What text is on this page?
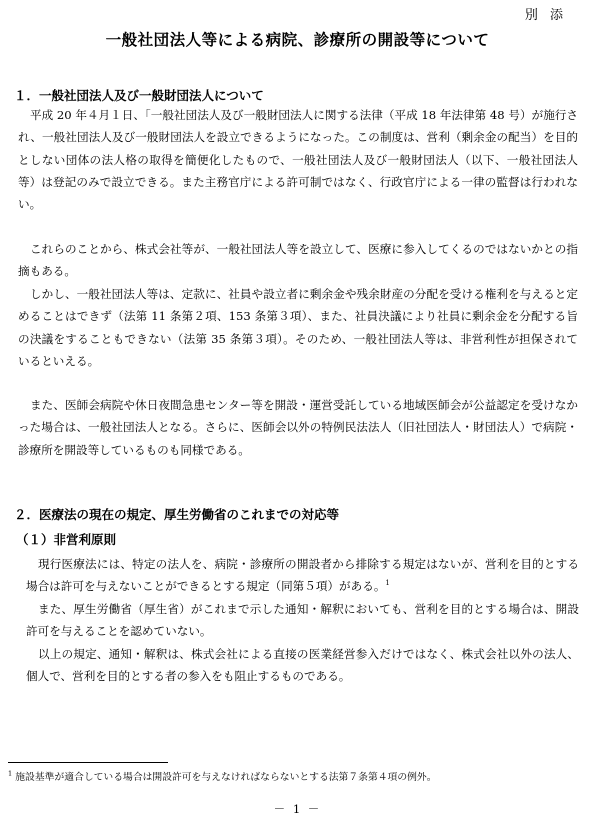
別 添
一般社団法人等による病院、診療所の開設等について
１．一般社団法人及び一般財団法人について

平成 20 年４月１日、「一般社団法人及び一般財団法人に関する法律（平成 18 年法律第 48 号）が施行され、一般社団法人及び一般財団法人を設立できるようになった。この制度は、営利（剰余金の配当）を目的としない団体の法人格の取得を簡便化したもので、一般社団法人及び一般財団法人（以下、一般社団法人等）は登記のみで設立できる。また主務官庁による許可制ではなく、行政官庁による一律の監督は行われない。

これらのことから、株式会社等が、一般社団法人等を設立して、医療に参入してくるのではないかとの指摘もある。

しかし、一般社団法人等は、定款に、社員や設立者に剰余金や残余財産の分配を受ける権利を与えると定めることはできず（法第 11 条第２項、153 条第３項）、また、社員決議により社員に剰余金を分配する旨の決議をすることもできない（法第 35 条第３項）。そのため、一般社団法人等は、非営利性が担保されているといえる。

また、医師会病院や休日夜間急患センター等を開設・運営受託している地域医師会が公益認定を受けなかった場合は、一般社団法人となる。さらに、医師会以外の特例民法法人（旧社団法人・財団法人）で病院・診療所を開設等しているものも同様である。

２．医療法の現在の規定、厚生労働省のこれまでの対応等
（１）非営利原則

現行医療法には、特定の法人を、病院・診療所の開設者から排除する規定はないが、営利を目的とする場合は許可を与えないことができるとする規定（同第５項）がある。$^1$

また、厚生労働省（厚生省）がこれまで示した通知・解釈においても、営利を目的とする場合は、開設許可を与えることを認めていない。

以上の規定、通知・解釈は、株式会社による直接の医業経営参入だけではなく、株式会社以外の法人、個人で、営利を目的とする者の参入をも阻止するものである。

$^1$ 施設基準が適合している場合は開設許可を与えなければならないとする法第７条第４項の例外。
－ 1 －
